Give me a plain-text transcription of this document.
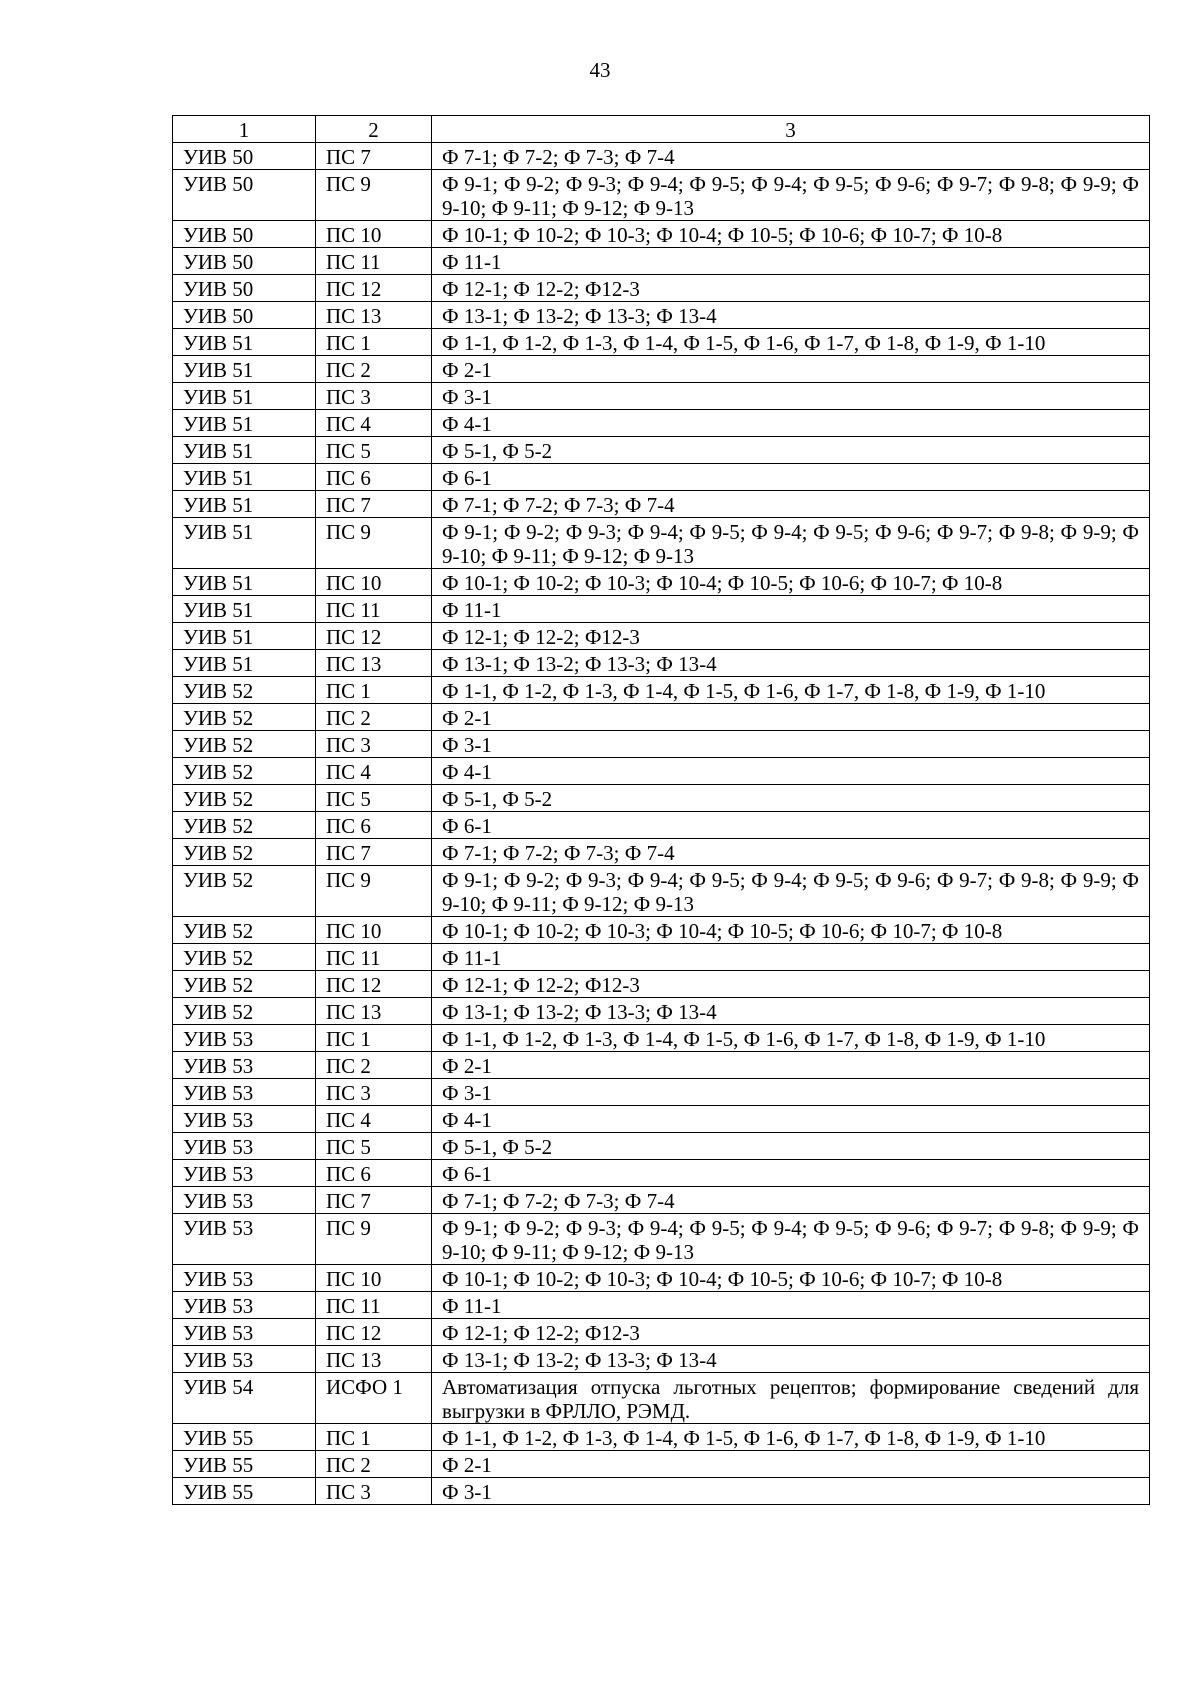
43
1	2	3
УИВ 50	ПС 7	Ф 7-1; Ф 7-2; Ф 7-3; Ф 7-4
УИВ 50	ПС 9	Ф 9-1; Ф 9-2; Ф 9-3; Ф 9-4; Ф 9-5; Ф 9-4; Ф 9-5; Ф 9-6; Ф 9-7; Ф 9-8; Ф 9-9; Ф 9-10; Ф 9-11; Ф 9-12; Ф 9-13
УИВ 50	ПС 10	Ф 10-1; Ф 10-2; Ф 10-3; Ф 10-4; Ф 10-5; Ф 10-6; Ф 10-7; Ф 10-8
УИВ 50	ПС 11	Ф 11-1
УИВ 50	ПС 12	Ф 12-1; Ф 12-2; Ф12-3
УИВ 50	ПС 13	Ф 13-1; Ф 13-2; Ф 13-3; Ф 13-4
УИВ 51	ПС 1	Ф 1-1, Ф 1-2, Ф 1-3, Ф 1-4, Ф 1-5, Ф 1-6, Ф 1-7, Ф 1-8, Ф 1-9, Ф 1-10
УИВ 51	ПС 2	Ф 2-1
УИВ 51	ПС 3	Ф 3-1
УИВ 51	ПС 4	Ф 4-1
УИВ 51	ПС 5	Ф 5-1, Ф 5-2
УИВ 51	ПС 6	Ф 6-1
УИВ 51	ПС 7	Ф 7-1; Ф 7-2; Ф 7-3; Ф 7-4
УИВ 51	ПС 9	Ф 9-1; Ф 9-2; Ф 9-3; Ф 9-4; Ф 9-5; Ф 9-4; Ф 9-5; Ф 9-6; Ф 9-7; Ф 9-8; Ф 9-9; Ф 9-10; Ф 9-11; Ф 9-12; Ф 9-13
УИВ 51	ПС 10	Ф 10-1; Ф 10-2; Ф 10-3; Ф 10-4; Ф 10-5; Ф 10-6; Ф 10-7; Ф 10-8
УИВ 51	ПС 11	Ф 11-1
УИВ 51	ПС 12	Ф 12-1; Ф 12-2; Ф12-3
УИВ 51	ПС 13	Ф 13-1; Ф 13-2; Ф 13-3; Ф 13-4
УИВ 52	ПС 1	Ф 1-1, Ф 1-2, Ф 1-3, Ф 1-4, Ф 1-5, Ф 1-6, Ф 1-7, Ф 1-8, Ф 1-9, Ф 1-10
УИВ 52	ПС 2	Ф 2-1
УИВ 52	ПС 3	Ф 3-1
УИВ 52	ПС 4	Ф 4-1
УИВ 52	ПС 5	Ф 5-1, Ф 5-2
УИВ 52	ПС 6	Ф 6-1
УИВ 52	ПС 7	Ф 7-1; Ф 7-2; Ф 7-3; Ф 7-4
УИВ 52	ПС 9	Ф 9-1; Ф 9-2; Ф 9-3; Ф 9-4; Ф 9-5; Ф 9-4; Ф 9-5; Ф 9-6; Ф 9-7; Ф 9-8; Ф 9-9; Ф 9-10; Ф 9-11; Ф 9-12; Ф 9-13
УИВ 52	ПС 10	Ф 10-1; Ф 10-2; Ф 10-3; Ф 10-4; Ф 10-5; Ф 10-6; Ф 10-7; Ф 10-8
УИВ 52	ПС 11	Ф 11-1
УИВ 52	ПС 12	Ф 12-1; Ф 12-2; Ф12-3
УИВ 52	ПС 13	Ф 13-1; Ф 13-2; Ф 13-3; Ф 13-4
УИВ 53	ПС 1	Ф 1-1, Ф 1-2, Ф 1-3, Ф 1-4, Ф 1-5, Ф 1-6, Ф 1-7, Ф 1-8, Ф 1-9, Ф 1-10
УИВ 53	ПС 2	Ф 2-1
УИВ 53	ПС 3	Ф 3-1
УИВ 53	ПС 4	Ф 4-1
УИВ 53	ПС 5	Ф 5-1, Ф 5-2
УИВ 53	ПС 6	Ф 6-1
УИВ 53	ПС 7	Ф 7-1; Ф 7-2; Ф 7-3; Ф 7-4
УИВ 53	ПС 9	Ф 9-1; Ф 9-2; Ф 9-3; Ф 9-4; Ф 9-5; Ф 9-4; Ф 9-5; Ф 9-6; Ф 9-7; Ф 9-8; Ф 9-9; Ф 9-10; Ф 9-11; Ф 9-12; Ф 9-13
УИВ 53	ПС 10	Ф 10-1; Ф 10-2; Ф 10-3; Ф 10-4; Ф 10-5; Ф 10-6; Ф 10-7; Ф 10-8
УИВ 53	ПС 11	Ф 11-1
УИВ 53	ПС 12	Ф 12-1; Ф 12-2; Ф12-3
УИВ 53	ПС 13	Ф 13-1; Ф 13-2; Ф 13-3; Ф 13-4
УИВ 54	ИСФО 1	Автоматизация отпуска льготных рецептов; формирование сведений для выгрузки в ФРЛЛО, РЭМД.
УИВ 55	ПС 1	Ф 1-1, Ф 1-2, Ф 1-3, Ф 1-4, Ф 1-5, Ф 1-6, Ф 1-7, Ф 1-8, Ф 1-9, Ф 1-10
УИВ 55	ПС 2	Ф 2-1
УИВ 55	ПС 3	Ф 3-1
